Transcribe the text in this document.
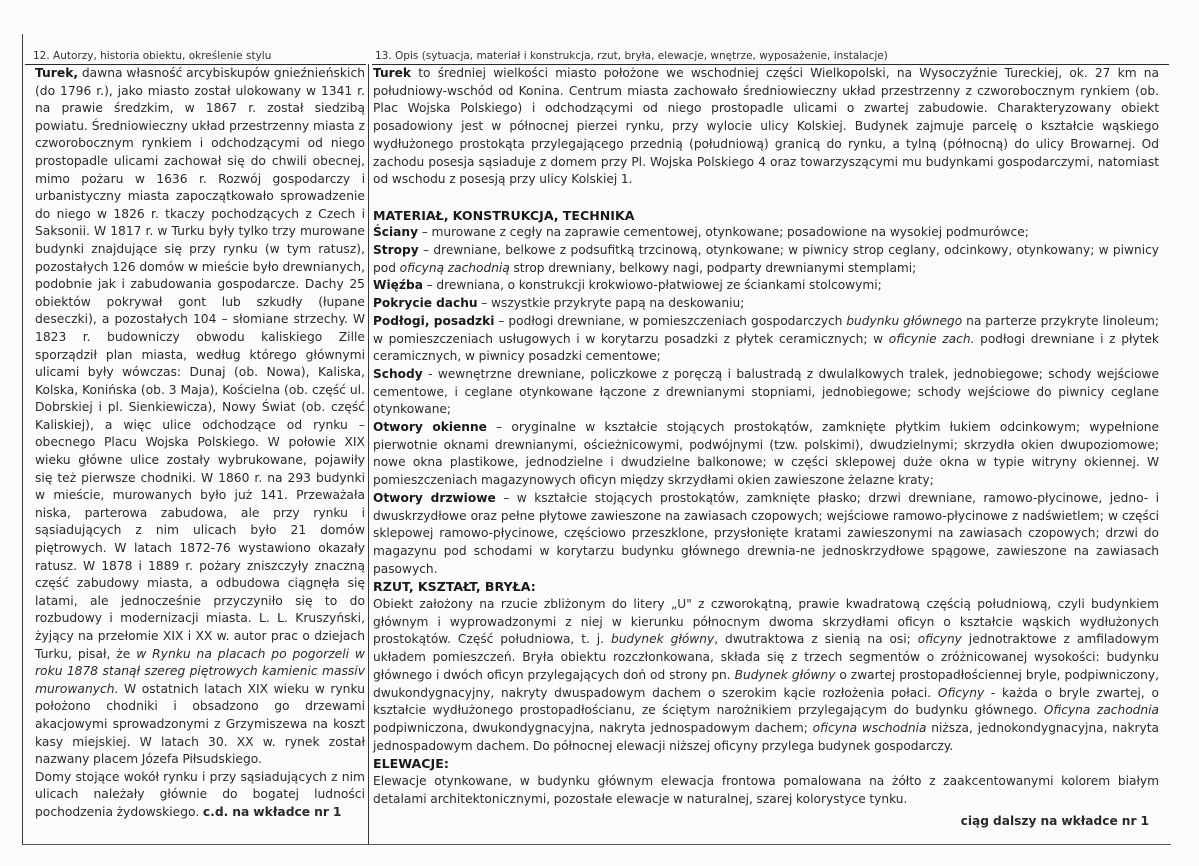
12. Autorzy, historia obiektu, określenie stylu	13. Opis (sytuacja, materiał i konstrukcja, rzut, bryła, elewacje, wnętrze, wyposażenie, instalacje)

Turek, dawna własność arcybiskupów gnieźnieńskich (do 1796 r.), jako miasto został ulokowany w 1341 r. na prawie średzkim, w 1867 r. został siedzibą powiatu. Średniowieczny układ przestrzenny miasta z czworobocznym rynkiem i odchodzącymi od niego prostopadle ulicami zachował się do chwili obecnej, mimo pożaru w 1636 r. Rozwój gospodarczy i urbanistyczny miasta zapoczątkowało sprowadzenie do niego w 1826 r. tkaczy pochodzących z Czech i Saksonii. W 1817 r. w Turku były tylko trzy murowane budynki znajdujące się przy rynku (w tym ratusz), pozostałych 126 domów w mieście było drewnianych, podobnie jak i zabudowania gospodarcze. Dachy 25 obiektów pokrywał gont lub szkudły (łupane deseczki), a pozostałych 104 – słomiane strzechy. W 1823 r. budowniczy obwodu kaliskiego Zille sporządził plan miasta, według którego głównymi ulicami były wówczas: Dunaj (ob. Nowa), Kaliska, Kolska, Konińska (ob. 3 Maja), Kościelna (ob. część ul. Dobrskiej i pl. Sienkiewicza), Nowy Świat (ob. część Kaliskiej), a więc ulice odchodzące od rynku – obecnego Placu Wojska Polskiego. W połowie XIX wieku główne ulice zostały wybrukowane, pojawiły się też pierwsze chodniki. W 1860 r. na 293 budynki w mieście, murowanych było już 141. Przeważała niska, parterowa zabudowa, ale przy rynku i sąsiadujących z nim ulicach było 21 domów piętrowych. W latach 1872-76 wystawiono okazały ratusz. W 1878 i 1889 r. pożary zniszczyły znaczną część zabudowy miasta, a odbudowa ciągnęła się latami, ale jednocześnie przyczyniło się to do rozbudowy i modernizacji miasta. L. L. Kruszyński, żyjący na przełomie XIX i XX w. autor prac o dziejach Turku, pisał, że w Rynku na placach po pogorzeli w roku 1878 stanął szereg piętrowych kamienic massiv murowanych. W ostatnich latach XIX wieku w rynku położono chodniki i obsadzono go drzewami akacjowymi sprowadzonymi z Grzymiszewa na koszt kasy miejskiej. W latach 30. XX w. rynek został nazwany placem Józefa Piłsudskiego.

Domy stojące wokół rynku i przy sąsiadujących z nim ulicach należały głównie do bogatej ludności pochodzenia żydowskiego. c.d. na wkładce nr 1

Turek to średniej wielkości miasto położone we wschodniej części Wielkopolski, na Wysoczyźnie Tureckiej, ok. 27 km na południowy-wschód od Konina. Centrum miasta zachowało średniowieczny układ przestrzenny z czworobocznym rynkiem (ob. Plac Wojska Polskiego) i odchodzącymi od niego prostopadle ulicami o zwartej zabudowie. Charakteryzowany obiekt posadowiony jest w północnej pierzei rynku, przy wylocie ulicy Kolskiej. Budynek zajmuje parcelę o kształcie wąskiego wydłużonego prostokąta przylegającego przednią (południową) granicą do rynku, a tylną (północną) do ulicy Browarnej. Od zachodu posesja sąsiaduje z domem przy Pl. Wojska Polskiego 4 oraz towarzyszącymi mu budynkami gospodarczymi, natomiast od wschodu z posesją przy ulicy Kolskiej 1.

MATERIAŁ, KONSTRUKCJA, TECHNIKA

Ściany – murowane z cegły na zaprawie cementowej, otynkowane; posadowione na wysokiej podmurówce;

Stropy – drewniane, belkowe z podsufitką trzcinową, otynkowane; w piwnicy strop ceglany, odcinkowy, otynkowany; w piwnicy pod oficyną zachodnią strop drewniany, belkowy nagi, podparty drewnianymi stemplami;

Więźba – drewniana, o konstrukcji krokwiowo-płatwiowej ze ściankami stolcowymi;

Pokrycie dachu – wszystkie przykryte papą na deskowaniu;

Podłogi, posadzki – podłogi drewniane, w pomieszczeniach gospodarczych budynku głównego na parterze przykryte linoleum; w pomieszczeniach usługowych i w korytarzu posadzki z płytek ceramicznych; w oficynie zach. podłogi drewniane i z płytek ceramicznych, w piwnicy posadzki cementowe;

Schody - wewnętrzne drewniane, policzkowe z poręczą i balustradą z dwulalkowych tralek, jednobiegowe; schody wejściowe cementowe, i ceglane otynkowane łączone z drewnianymi stopniami, jednobiegowe; schody wejściowe do piwnicy ceglane otynkowane;

Otwory okienne – oryginalne w kształcie stojących prostokątów, zamknięte płytkim łukiem odcinkowym; wypełnione pierwotnie oknami drewnianymi, ościeżnicowymi, podwójnymi (tzw. polskimi), dwudzielnymi; skrzydła okien dwupoziomowe; nowe okna plastikowe, jednodzielne i dwudzielne balkonowe; w części sklepowej duże okna w typie witryny okiennej. W pomieszczeniach magazynowych oficyn między skrzydłami okien zawieszone żelazne kraty;

Otwory drzwiowe – w kształcie stojących prostokątów, zamknięte płasko; drzwi drewniane, ramowo-płycinowe, jedno- i dwuskrzydłowe oraz pełne płytowe zawieszone na zawiasach czopowych; wejściowe ramowo-płycinowe z nadświetlem; w części sklepowej ramowo-płycinowe, częściowo przeszklone, przysłonięte kratami zawieszonymi na zawiasach czopowych; drzwi do magazynu pod schodami w korytarzu budynku głównego drewnia-ne jednoskrzydłowe spągowe, zawieszone na zawiasach pasowych.

RZUT, KSZTAŁT, BRYŁA:

Obiekt założony na rzucie zbliżonym do litery „U" z czworokątną, prawie kwadratową częścią południową, czyli budynkiem głównym i wyprowadzonymi z niej w kierunku północnym dwoma skrzydłami oficyn o kształcie wąskich wydłużonych prostokątów. Część południowa, t. j. budynek główny, dwutraktowa z sienią na osi; oficyny jednotraktowe z amfiladowym układem pomieszczeń. Bryła obiektu rozczłonkowana, składa się z trzech segmentów o zróżnicowanej wysokości: budynku głównego i dwóch oficyn przylegających doń od strony pn. Budynek główny o zwartej prostopadłościennej bryle, podpiwniczony, dwukondygnacyjny, nakryty dwuspadowym dachem o szerokim kącie rozłożenia połaci. Oficyny - każda o bryle zwartej, o kształcie wydłużonego prostopadłościanu, ze ściętym narożnikiem przylegającym do budynku głównego. Oficyna zachodnia podpiwniczona, dwukondygnacyjna, nakryta jednospadowym dachem; oficyna wschodnia niższa, jednokondygnacyjna, nakryta jednospadowym dachem. Do północnej elewacji niższej oficyny przylega budynek gospodarczy.

ELEWACJE:

Elewacje otynkowane, w budynku głównym elewacja frontowa pomalowana na żółto z zaakcentowanymi kolorem białym detalami architektonicznymi, pozostałe elewacje w naturalnej, szarej kolorystyce tynku.

ciąg dalszy na wkładce nr 1
